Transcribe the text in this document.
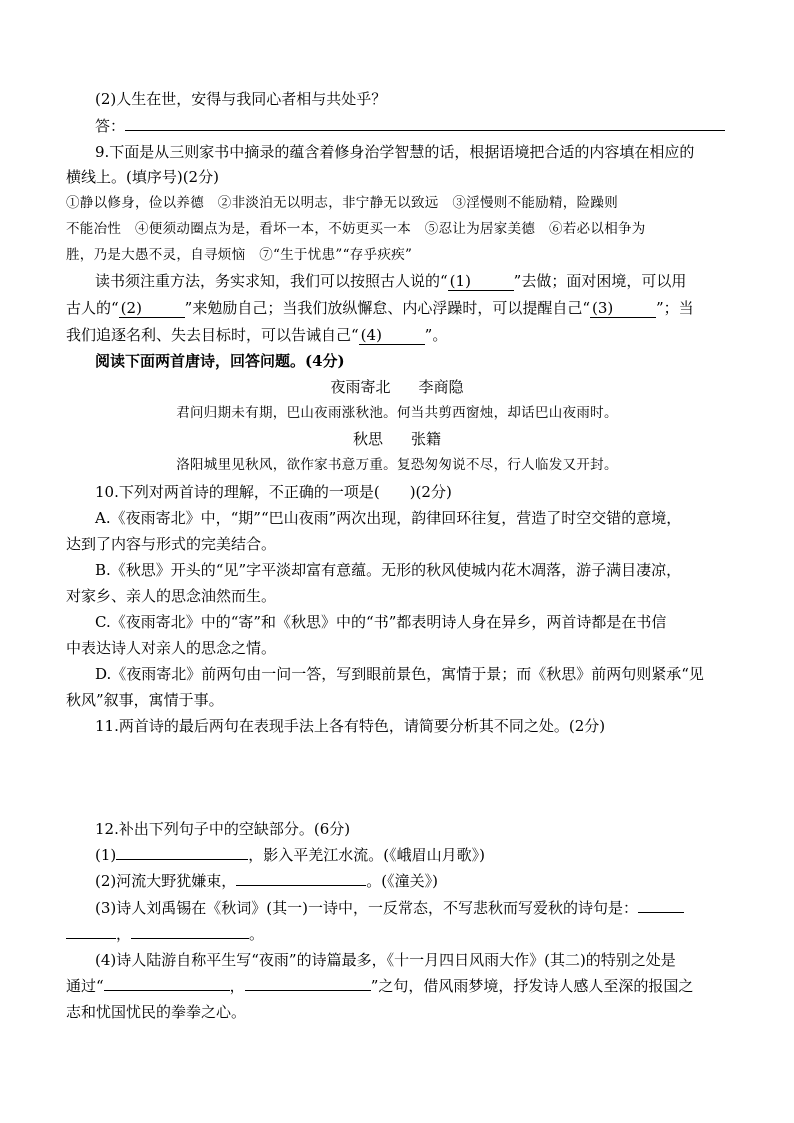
(2)人生在世，安得与我同心者相与共处乎？
答：
9.下面是从三则家书中摘录的蕴含着修身治学智慧的话，根据语境把合适的内容填在相应的
横线上。(填序号)(2分)
①静以修身，俭以养德　②非淡泊无以明志，非宁静无以致远　③淫慢则不能励精，险躁则
不能冶性　④便须动圈点为是，看坏一本，不妨更买一本　⑤忍让为居家美德　⑥若必以相争为
胜，乃是大愚不灵，自寻烦恼　⑦“生于忧患”“存乎疢疾”
读书须注重方法，务实求知，我们可以按照古人说的“ (1)	”去做；面对困境，可以用
古人的“ (2)	”来勉励自己；当我们放纵懈怠、内心浮躁时，可以提醒自己“ (3)	”；当
我们追逐名利、失去目标时，可以告诫自己“ (4)	”。
阅读下面两首唐诗，回答问题。(4分)
夜雨寄北 李商隐
君问归期未有期，巴山夜雨涨秋池。何当共剪西窗烛，却话巴山夜雨时。
秋思 张籍
洛阳城里见秋风，欲作家书意万重。复恐匆匆说不尽，行人临发又开封。
10.下列对两首诗的理解，不正确的一项是(　　)(2分)
A.《夜雨寄北》中，“期”“巴山夜雨”两次出现，韵律回环往复，营造了时空交错的意境，
达到了内容与形式的完美结合。
B.《秋思》开头的“见”字平淡却富有意蕴。无形的秋风使城内花木凋落，游子满目凄凉，
对家乡、亲人的思念油然而生。
C.《夜雨寄北》中的“寄”和《秋思》中的“书”都表明诗人身在异乡，两首诗都是在书信
中表达诗人对亲人的思念之情。
D.《夜雨寄北》前两句由一问一答，写到眼前景色，寓情于景；而《秋思》前两句则紧承“见
秋风”叙事，寓情于事。
11.两首诗的最后两句在表现手法上各有特色，请简要分析其不同之处。(2分)
12.补出下列句子中的空缺部分。(6分)
(1)	，影入平羌江水流。(《峨眉山月歌》)
(2)河流大野犹嫌束，	。(《潼关》)
(3)诗人刘禹锡在《秋词》(其一)一诗中，一反常态，不写悲秋而写爱秋的诗句是：
，	。
(4)诗人陆游自称平生写“夜雨”的诗篇最多，《十一月四日风雨大作》(其二)的特别之处是
通过“	，	”之句，借风雨梦境，抒发诗人感人至深的报国之
志和忧国忧民的拳拳之心。
